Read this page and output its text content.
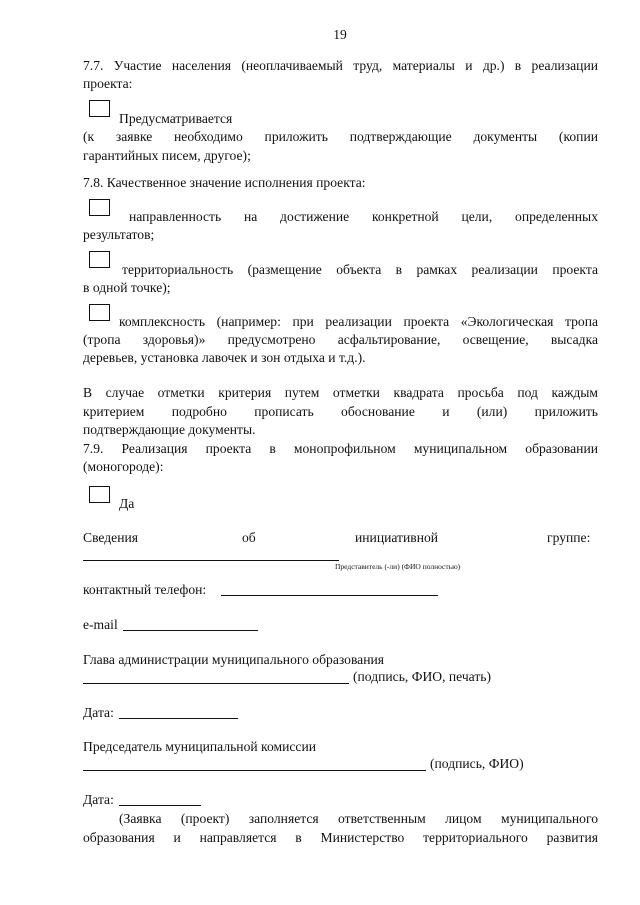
19
7.7. Участие населения (неоплачиваемый труд, материалы и др.) в реализации
проекта:
Предусматривается
(к заявке необходимо приложить подтверждающие документы (копии
гарантийных писем, другое);
7.8. Качественное значение исполнения проекта:
направленность на достижение конкретной цели, определенных
результатов;
территориальность (размещение объекта в рамках реализации проекта
в одной точке);
комплексность (например: при реализации проекта «Экологическая тропа
(тропа здоровья)» предусмотрено асфальтирование, освещение, высадка
деревьев, установка лавочек и зон отдыха и т.д.).
В случае отметки критерия путем отметки квадрата просьба под каждым
критерием подробно прописать обоснование и (или) приложить
подтверждающие документы.
7.9. Реализация проекта в монопрофильном муниципальном образовании
(моногороде):
Да
Сведения	об	инициативной	группе:
Представитель (-ли) (ФИО полностью)
контактный телефон:
e-mail
Глава администрации муниципального образования
(подпись, ФИО, печать)
Дата:
Председатель муниципальной комиссии
(подпись, ФИО)
Дата:
(Заявка (проект) заполняется ответственным лицом муниципального
образования и направляется в Министерство территориального развития
